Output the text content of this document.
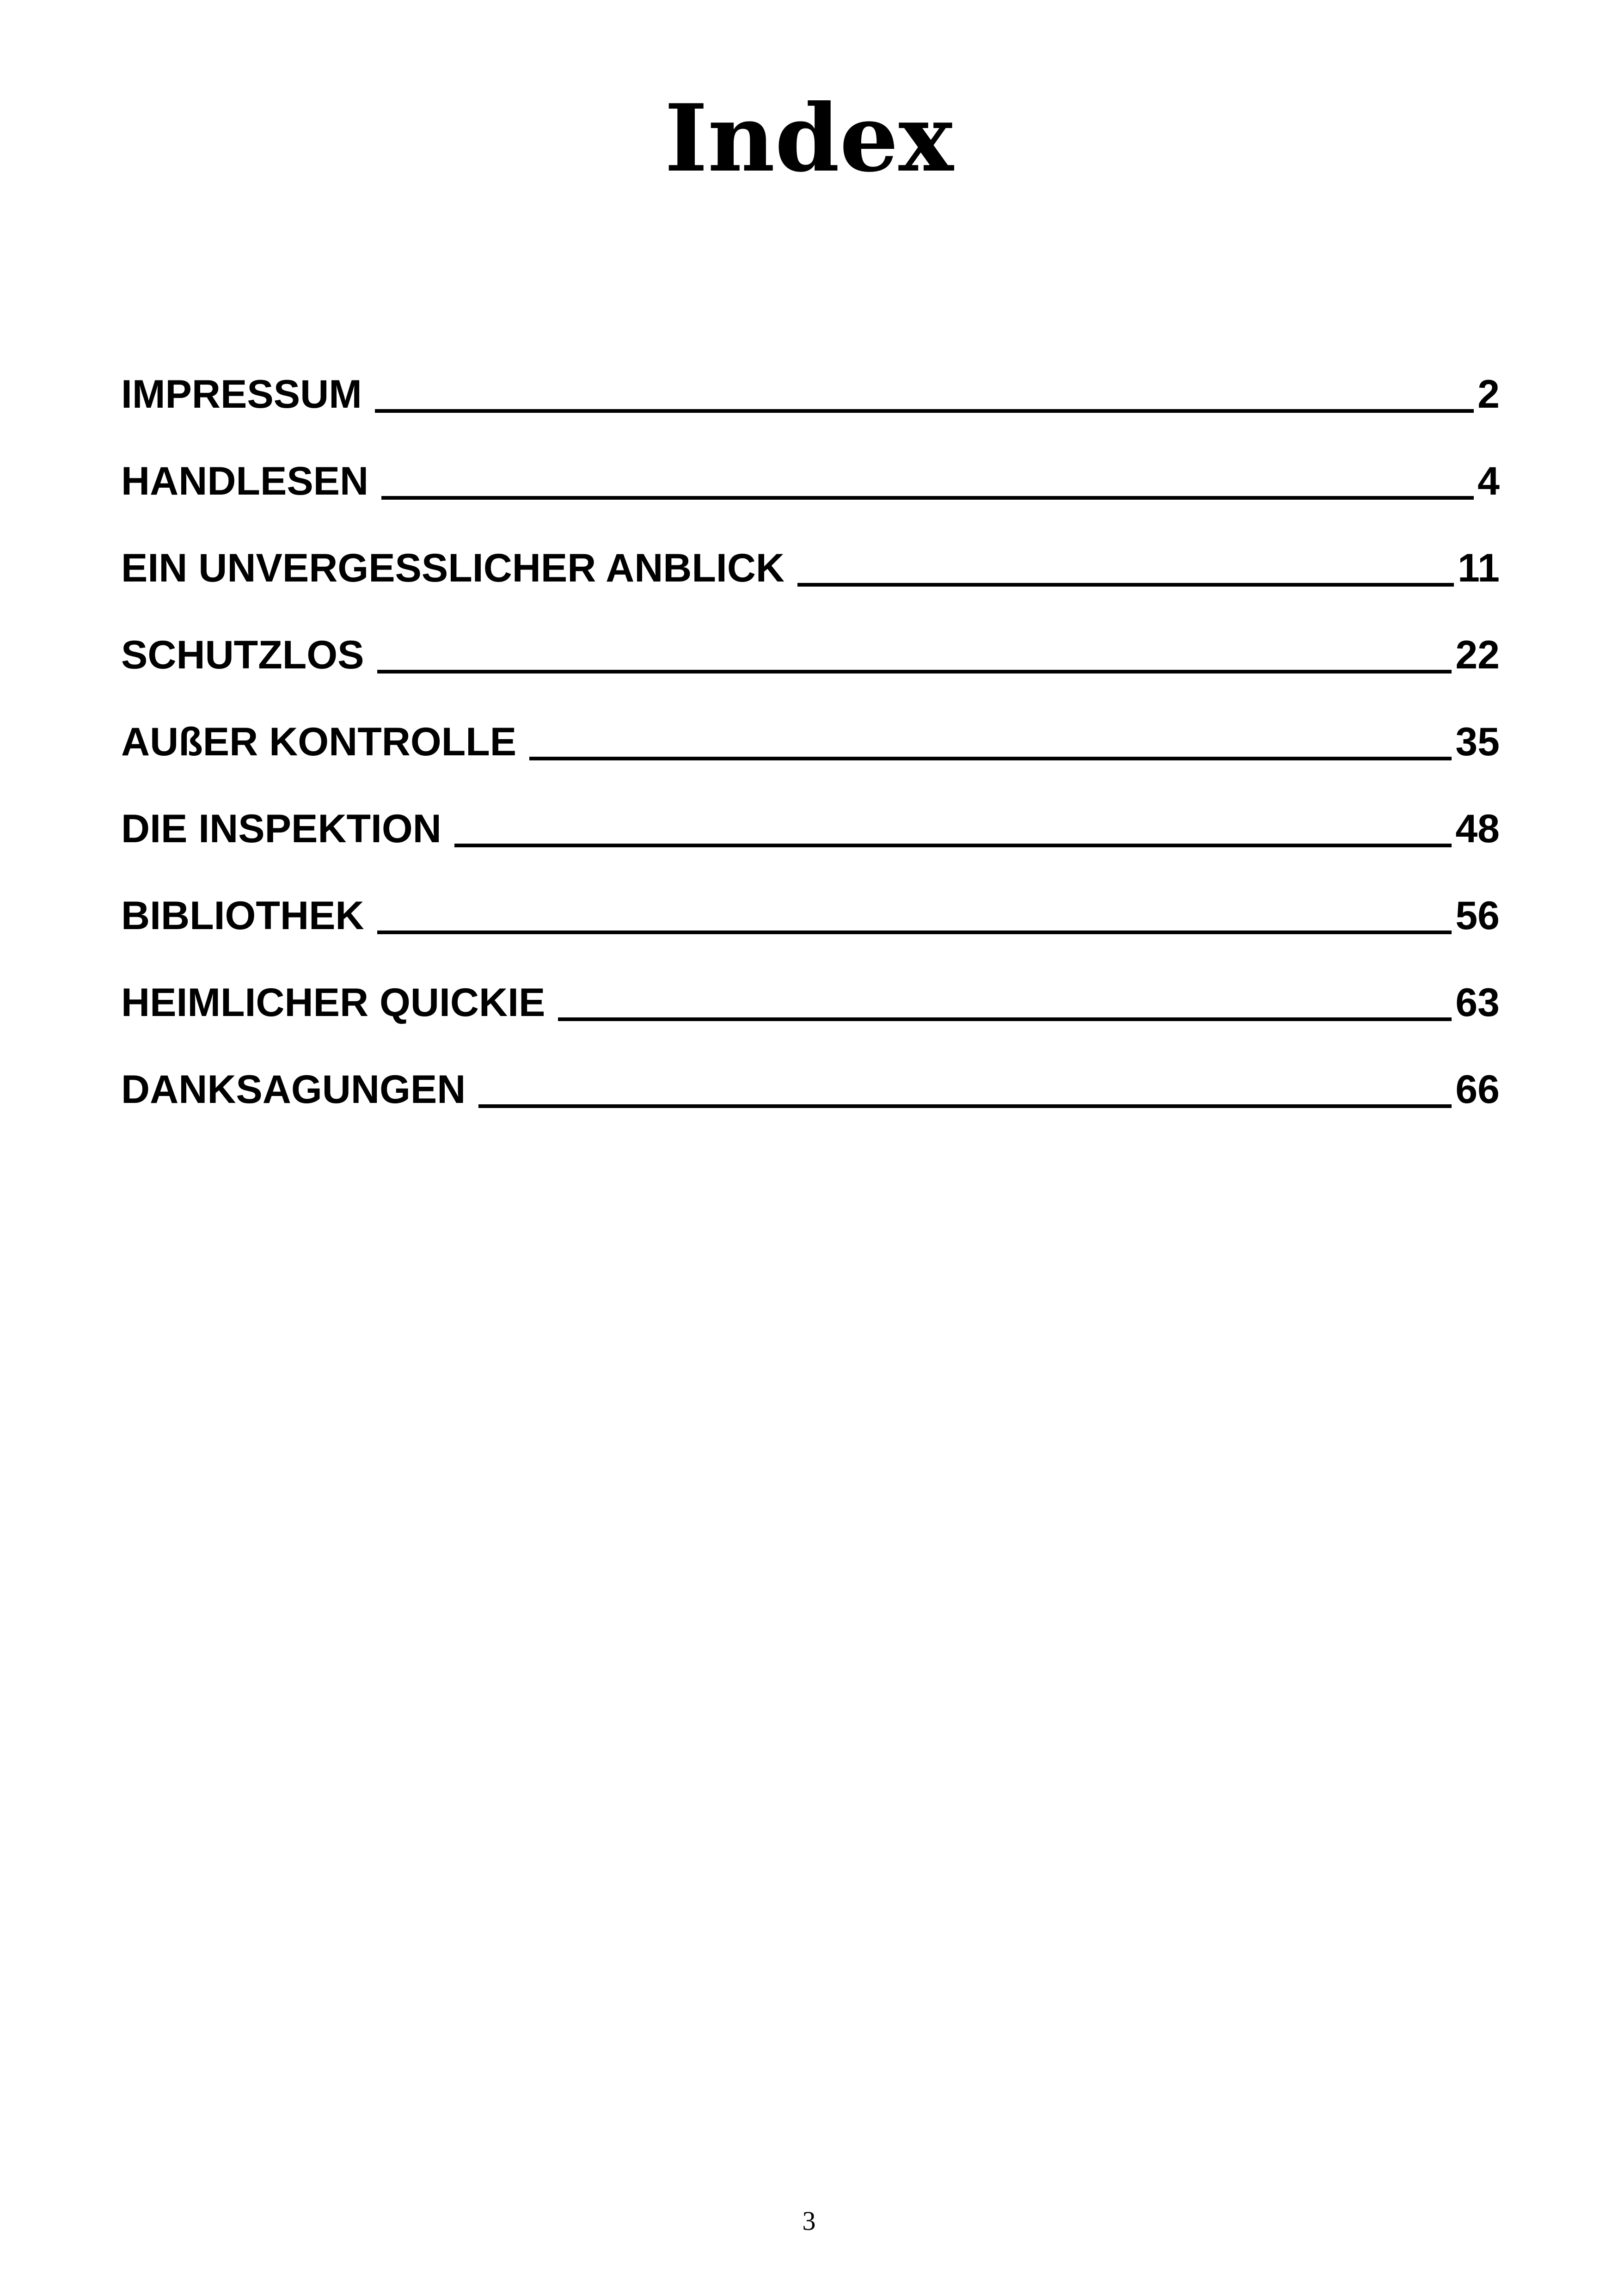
Index
IMPRESSUM	2
HANDLESEN	4
EIN UNVERGESSLICHER ANBLICK	11
SCHUTZLOS	22
AUßER KONTROLLE	35
DIE INSPEKTION	48
BIBLIOTHEK	56
HEIMLICHER QUICKIE	63
DANKSAGUNGEN	66
3
